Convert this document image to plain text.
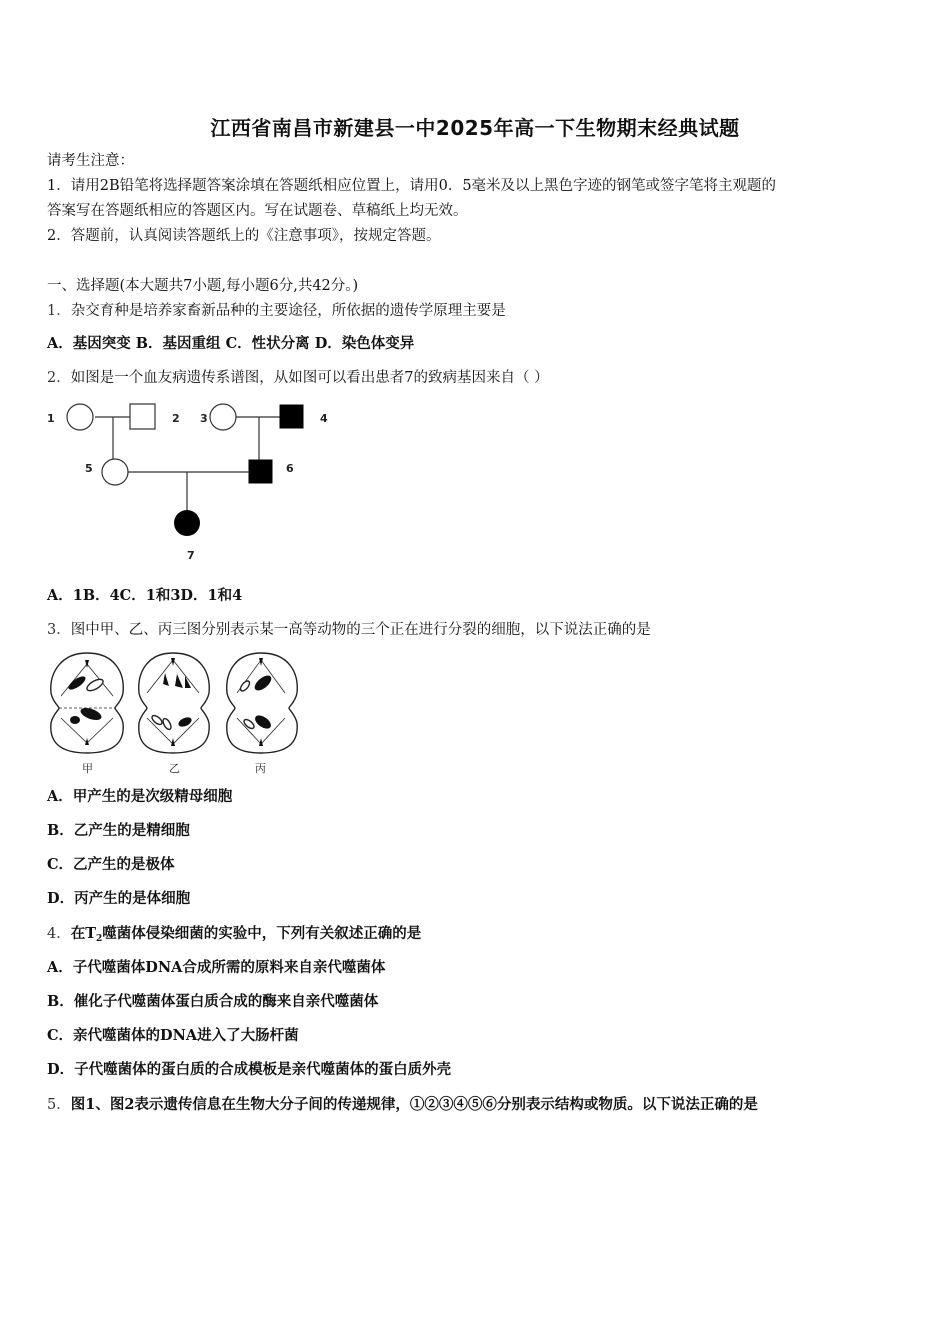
江西省南昌市新建县一中2025年高一下生物期末经典试题
请考生注意：
1．请用2B铅笔将选择题答案涂填在答题纸相应位置上，请用0．5毫米及以上黑色字迹的钢笔或签字笔将主观题的
答案写在答题纸相应的答题区内。写在试题卷、草稿纸上均无效。
2．答题前，认真阅读答题纸上的《注意事项》，按规定答题。
一、选择题(本大题共7小题,每小题6分,共42分。)
1．杂交育种是培养家畜新品种的主要途径，所依据的遗传学原理主要是
A．基因突变 B．基因重组 C．性状分离 D．染色体变异
2．如图是一个血友病遗传系谱图，从如图可以看出患者7的致病基因来自（ ）
1	2 3	4
5	6
7
A．1B．4C．1和3D．1和4
3．图中甲、乙、丙三图分别表示某一高等动物的三个正在进行分裂的细胞，以下说法正确的是
甲	乙	丙
A．甲产生的是次级精母细胞
B．乙产生的是精细胞
C．乙产生的是极体
D．丙产生的是体细胞
4．在$T_2$噬菌体侵染细菌的实验中，下列有关叙述正确的是
A．子代噬菌体DNA合成所需的原料来自亲代噬菌体
B．催化子代噬菌体蛋白质合成的酶来自亲代噬菌体
C．亲代噬菌体的DNA进入了大肠杆菌
D．子代噬菌体的蛋白质的合成模板是亲代噬菌体的蛋白质外壳
5．图1、图2表示遗传信息在生物大分子间的传递规律，①②③④⑤⑥分别表示结构或物质。以下说法正确的是
